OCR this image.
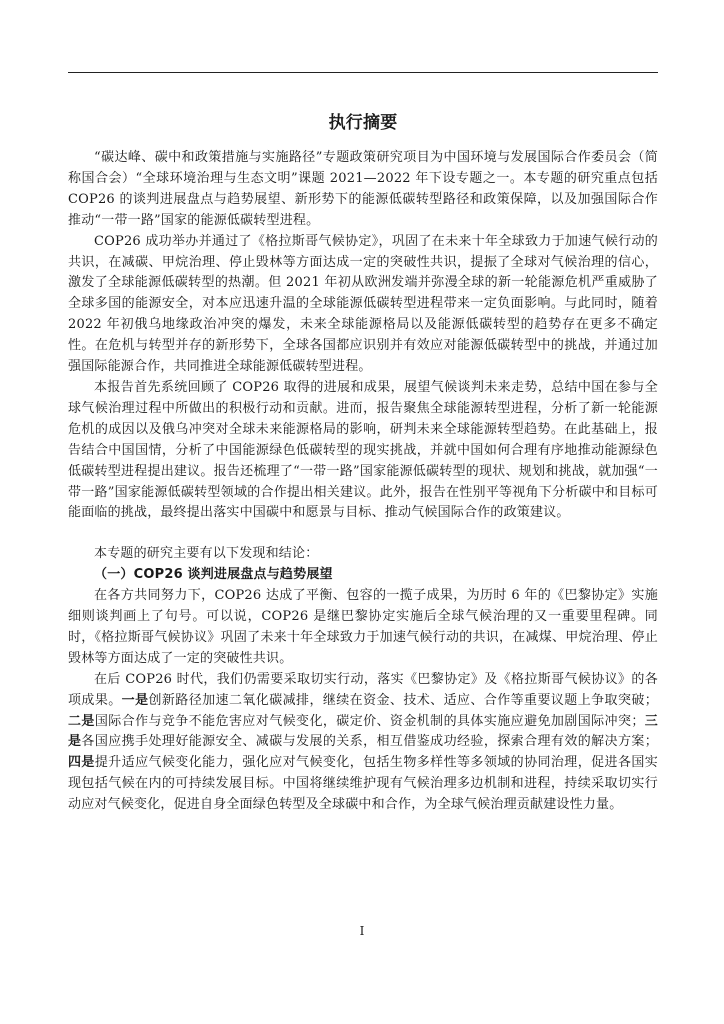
执行摘要

“碳达峰、碳中和政策措施与实施路径”专题政策研究项目为中国环境与发展国际合作委员会（简称国合会）“全球环境治理与生态文明”课题 2021—2022 年下设专题之一。本专题的研究重点包括 COP26 的谈判进展盘点与趋势展望、新形势下的能源低碳转型路径和政策保障，以及加强国际合作推动“一带一路”国家的能源低碳转型进程。

COP26 成功举办并通过了《格拉斯哥气候协定》，巩固了在未来十年全球致力于加速气候行动的共识，在减碳、甲烷治理、停止毁林等方面达成一定的突破性共识，提振了全球对气候治理的信心，激发了全球能源低碳转型的热潮。但 2021 年初从欧洲发端并弥漫全球的新一轮能源危机严重威胁了全球多国的能源安全，对本应迅速升温的全球能源低碳转型进程带来一定负面影响。与此同时，随着 2022 年初俄乌地缘政治冲突的爆发，未来全球能源格局以及能源低碳转型的趋势存在更多不确定性。在危机与转型并存的新形势下，全球各国都应识别并有效应对能源低碳转型中的挑战，并通过加强国际能源合作，共同推进全球能源低碳转型进程。

本报告首先系统回顾了 COP26 取得的进展和成果，展望气候谈判未来走势，总结中国在参与全球气候治理过程中所做出的积极行动和贡献。进而，报告聚焦全球能源转型进程，分析了新一轮能源危机的成因以及俄乌冲突对全球未来能源格局的影响，研判未来全球能源转型趋势。在此基础上，报告结合中国国情，分析了中国能源绿色低碳转型的现实挑战，并就中国如何合理有序地推动能源绿色低碳转型进程提出建议。报告还梳理了“一带一路”国家能源低碳转型的现状、规划和挑战，就加强“一带一路”国家能源低碳转型领域的合作提出相关建议。此外，报告在性别平等视角下分析碳中和目标可能面临的挑战，最终提出落实中国碳中和愿景与目标、推动气候国际合作的政策建议。

本专题的研究主要有以下发现和结论：

（一）COP26 谈判进展盘点与趋势展望

在各方共同努力下，COP26 达成了平衡、包容的一揽子成果，为历时 6 年的《巴黎协定》实施细则谈判画上了句号。可以说，COP26 是继巴黎协定实施后全球气候治理的又一重要里程碑。同时，《格拉斯哥气候协议》巩固了未来十年全球致力于加速气候行动的共识，在减煤、甲烷治理、停止毁林等方面达成了一定的突破性共识。

在后 COP26 时代，我们仍需要采取切实行动，落实《巴黎协定》及《格拉斯哥气候协议》的各项成果。一是创新路径加速二氧化碳减排，继续在资金、技术、适应、合作等重要议题上争取突破；二是国际合作与竞争不能危害应对气候变化，碳定价、资金机制的具体实施应避免加剧国际冲突；三是各国应携手处理好能源安全、减碳与发展的关系，相互借鉴成功经验，探索合理有效的解决方案；四是提升适应气候变化能力，强化应对气候变化，包括生物多样性等多领域的协同治理，促进各国实现包括气候在内的可持续发展目标。中国将继续维护现有气候治理多边机制和进程，持续采取切实行动应对气候变化，促进自身全面绿色转型及全球碳中和合作，为全球气候治理贡献建设性力量。

I
